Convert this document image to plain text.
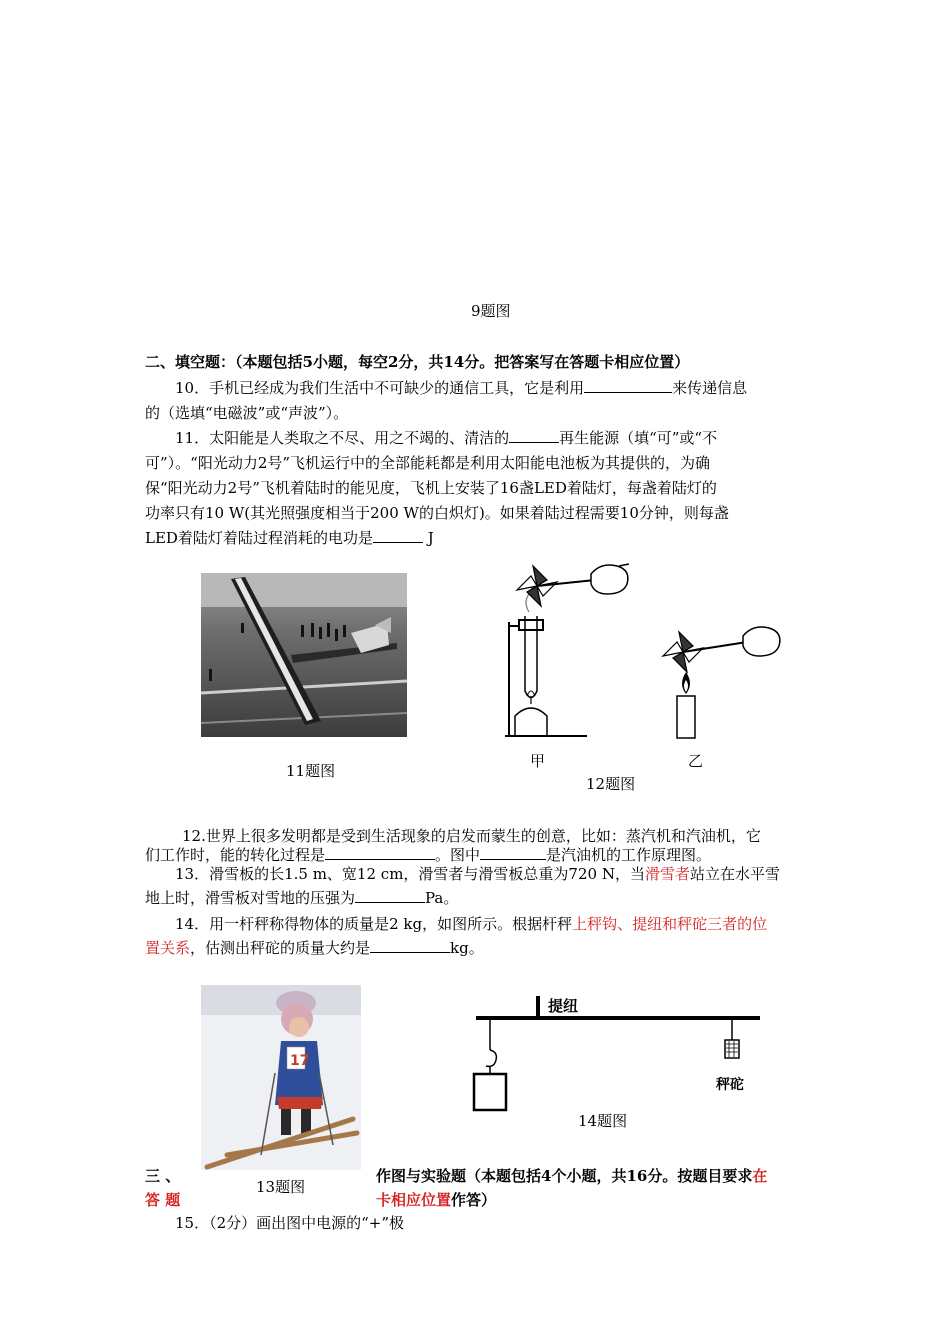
9题图
二、填空题：（本题包括5小题，每空2分，共14分。把答案写在答题卡相应位置）
10．手机已经成为我们生活中不可缺少的通信工具，它是利用	来传递信息
的（选填“电磁波”或“声波”）。
11．太阳能是人类取之不尽、用之不竭的、清洁的	再生能源（填“可”或“不
可”）。“阳光动力2号”飞机运行中的全部能耗都是利用太阳能电池板为其提供的，为确
保“阳光动力2号”飞机着陆时的能见度，飞机上安装了16盏LED着陆灯，每盏着陆灯的
功率只有10 W(其光照强度相当于200 W的白炽灯)。如果着陆过程需要10分钟，则每盏
LED着陆灯着陆过程消耗的电功是	J
11题图
甲	乙
12题图
12.世界上很多发明都是受到生活现象的启发而蒙生的创意，比如：蒸汽机和汽油机，它
们工作时，能的转化过程是	。图中	是汽油机的工作原理图。
13．滑雪板的长1.5 m、宽12 cm，滑雪者与滑雪板总重为720 N，当滑雪者站立在水平雪
地上时，滑雪板对雪地的压强为	Pa。
14．用一杆秤称得物体的质量是2 kg，如图所示。根据杆秤上秤钩、提纽和秤砣三者的位
置关系，估测出秤砣的质量大约是	kg。
17
13题图
提纽
秤砣
14题图
三 、
答 题
作图与实验题（本题包括4个小题，共16分。按题目要求在
卡相应位置作答）
15．（2分）画出图中电源的“+”极
